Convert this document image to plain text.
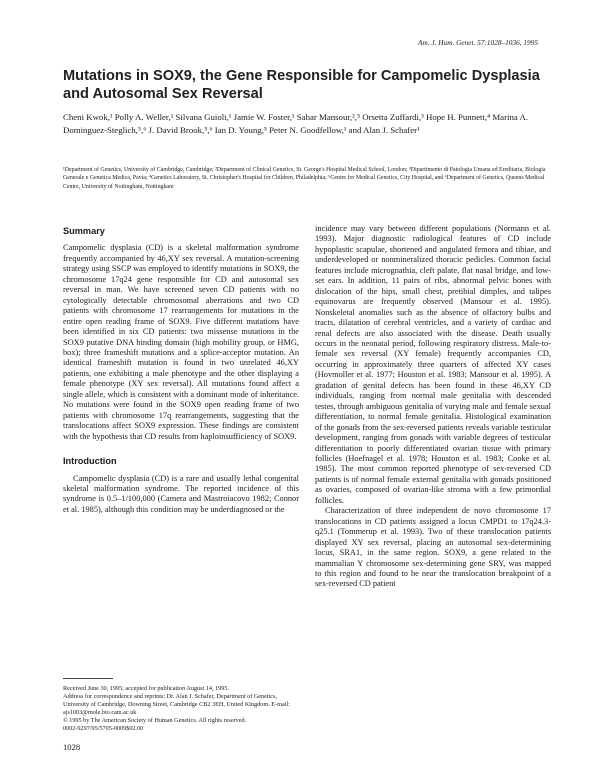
Am. J. Hum. Genet. 57:1028–1036, 1995
Mutations in SOX9, the Gene Responsible for Campomelic Dysplasia and Autosomal Sex Reversal
Cheni Kwok,¹ Polly A. Weller,¹ Silvana Guioli,¹ Jamie W. Foster,¹ Sahar Mansour,²,⁵ Orsetta Zuffardi,³ Hope H. Punnett,⁴ Marina A. Dominguez-Steglich,⁵,⁶ J. David Brook,⁵,⁶ Ian D. Young,⁵ Peter N. Goodfellow,¹ and Alan J. Schafer¹
¹Department of Genetics, University of Cambridge, Cambridge; ²Department of Clinical Genetics, St. George's Hospital Medical School, London; ³Dipartimento di Patologia Umana ed Ereditaria, Biologia Generale e Genetica Medica, Pavia; ⁴Genetics Laboratory, St. Christopher's Hospital for Children, Philadelphia; ⁵Centre for Medical Genetics, City Hospital, and ⁶Department of Genetics, Queens Medical Centre, University of Nottingham, Nottingham
Summary

Campomelic dysplasia (CD) is a skeletal malformation syndrome frequently accompanied by 46,XY sex reversal. A mutation-screening strategy using SSCP was employed to identify mutations in SOX9, the chromosome 17q24 gene responsible for CD and autosomal sex reversal in man. We have screened seven CD patients with no cytologically detectable chromosomal aberrations and two CD patients with chromosome 17 rearrangements for mutations in the entire open reading frame of SOX9. Five different mutations have been identified in six CD patients: two missense mutations in the SOX9 putative DNA binding domain (high mobility group, or HMG, box); three frameshift mutations and a splice-acceptor mutation. An identical frameshift mutation is found in two unrelated 46,XY patients, one exhibiting a male phenotype and the other displaying a female phenotype (XY sex reversal). All mutations found affect a single allele, which is consistent with a dominant mode of inheritance. No mutations were found in the SOX9 open reading frame of two patients with chromosome 17q rearrangements, suggesting that the translocations affect SOX9 expression. These findings are consistent with the hypothesis that CD results from haploinsufficiency of SOX9.

Introduction

Campomelic dysplasia (CD) is a rare and usually lethal congenital skeletal malformation syndrome. The reported incidence of this syndrome is 0.5–1/100,000 (Camera and Mastroiacovo 1982; Connor et al. 1985), although this condition may be underdiagnosed or the

Received June 30, 1995; accepted for publication August 14, 1995.

Address for correspondence and reprints: Dr. Alan J. Schafer, Department of Genetics, University of Cambridge, Downing Street, Cambridge CB2 3EH, United Kingdom. E-mail: ajs1003@mole.bio.cam.ac.uk

© 1995 by The American Society of Human Genetics. All rights reserved.

0002-9297/95/5705-0009$02.00

incidence may vary between different populations (Normann et al. 1993). Major diagnostic radiological features of CD include hypoplastic scapulae, shortened and angulated femora and tibiae, and underdeveloped or nonmineralized thoracic pedicles. Common facial features include micrognathia, cleft palate, flat nasal bridge, and low-set ears. In addition, 11 pairs of ribs, abnormal pelvic bones with dislocation of the hips, small chest, pretibial dimples, and talipes equinovarus are frequently observed (Mansour et al. 1995). Nonskeletal anomalies such as the absence of olfactory bulbs and tracts, dilatation of cerebral ventricles, and a variety of cardiac and renal defects are also associated with the disease. Death usually occurs in the neonatal period, following respiratory distress. Male-to-female sex reversal (XY female) frequently accompanies CD, occurring in approximately three quarters of affected XY cases (Hovmoller et al. 1977; Houston et al. 1983; Mansour et al. 1995). A gradation of genital defects has been found in these 46,XY CD individuals, ranging from normal male genitalia with descended testes, through ambiguous genitalia of varying male and female sexual differentiation, to normal female genitalia. Histological examination of the gonads from the sex-reversed patients reveals variable testicular development, ranging from gonads with variable degrees of testicular differentiation to poorly differentiated ovarian tissue with primary follicles (Hoefnagel et al. 1978; Houston et al. 1983; Cooke et al. 1985). The most common reported phenotype of sex-reversed CD patients is of normal female external genitalia with gonads positioned as ovaries, composed of ovarian-like stroma with a few primordial follicles.

Characterization of three independent de novo chromosome 17 translocations in CD patients assigned a locus CMPD1 to 17q24.3-q25.1 (Tommerup et al. 1993). Two of these translocation patients displayed XY sex reversal, placing an autosomal sex-determining locus, SRA1, in the same region. SOX9, a gene related to the mammalian Y chromosome sex-determining gene SRY, was mapped to this region and found to be near the translocation breakpoint of a sex-reversed CD patient

1028
